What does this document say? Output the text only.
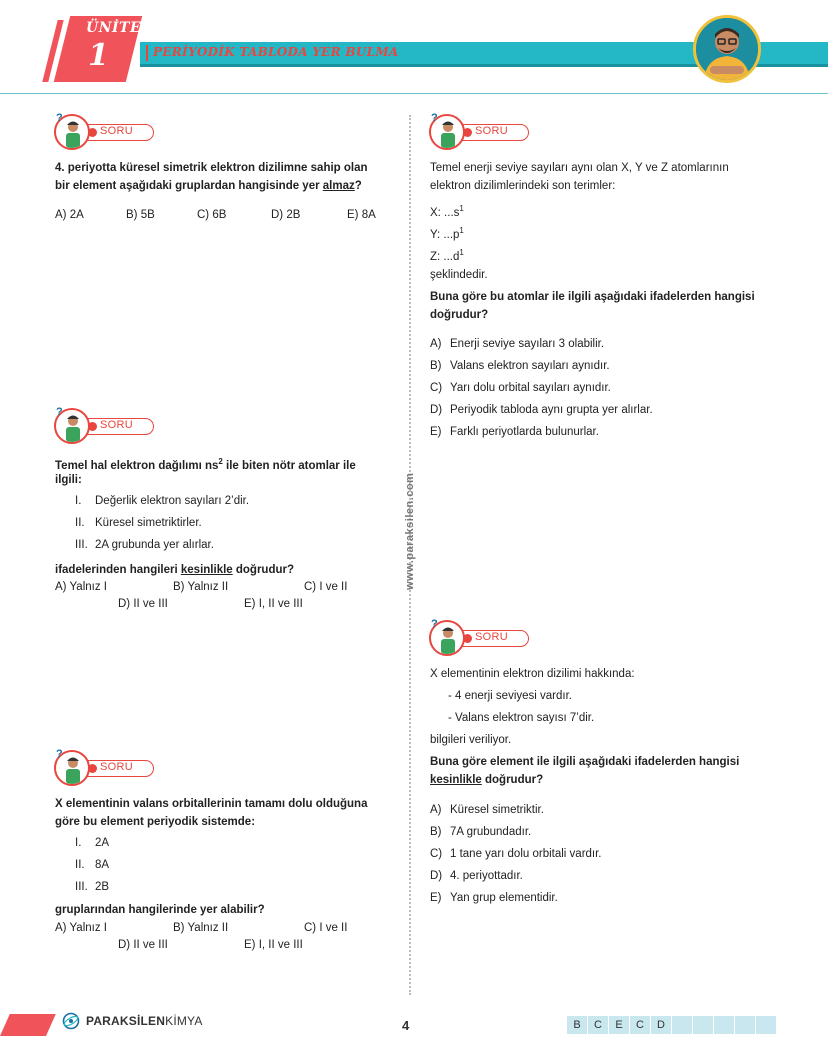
ÜNİTE
1	PERİYODİK TABLODA YER BULMA
www.paraksilen.com
SORU
?
SORU
?
SORU
?
SORU
?
SORU
?
4. periyotta küresel simetrik elektron dizilimne sahip olan
bir element aşağıdaki gruplardan hangisinde yer almaz?
A) 2A	B) 5B	C) 6B	D) 2B	E) 8A
Temel hal elektron dağılımı $ns^2$ ile biten nötr atomlar ile
ilgili:
I. Değerlik elektron sayıları 2’dir.
II. Küresel simetriktirler.
III. 2A grubunda yer alırlar.
ifadelerinden hangileri kesinlikle doğrudur?
A) Yalnız I	B) Yalnız II	C) I ve II
D) II ve III	E) I, II ve III
X elementinin valans orbitallerinin tamamı dolu olduğuna
göre bu element periyodik sistemde:
I. 2A
II. 8A
III. 2B
gruplarından hangilerinde yer alabilir?
A) Yalnız I	B) Yalnız II	C) I ve II
D) II ve III	E) I, II ve III
Temel enerji seviye sayıları aynı olan X, Y ve Z atomlarının
elektron dizilimlerindeki son terimler:
X: $...s^1$
Y: $...p^1$
Z: $...d^1$
şeklindedir.
Buna göre bu atomlar ile ilgili aşağıdaki ifadelerden hangisi
doğrudur?
A) Enerji seviye sayıları 3 olabilir.
B) Valans elektron sayıları aynıdır.
C) Yarı dolu orbital sayıları aynıdır.
D) Periyodik tabloda aynı grupta yer alırlar.
E) Farklı periyotlarda bulunurlar.
X elementinin elektron dizilimi hakkında:
- 4 enerji seviyesi vardır.
- Valans elektron sayısı 7’dir.
bilgileri veriliyor.
Buna göre element ile ilgili aşağıdaki ifadelerden hangisi
kesinlikle doğrudur?
A) Küresel simetriktir.
B) 7A grubundadır.
C) 1 tane yarı dolu orbitali vardır.
D) 4. periyottadır.
E) Yan grup elementidir.
PARAKSİLENKİMYA	4	B	C	E	C	D
